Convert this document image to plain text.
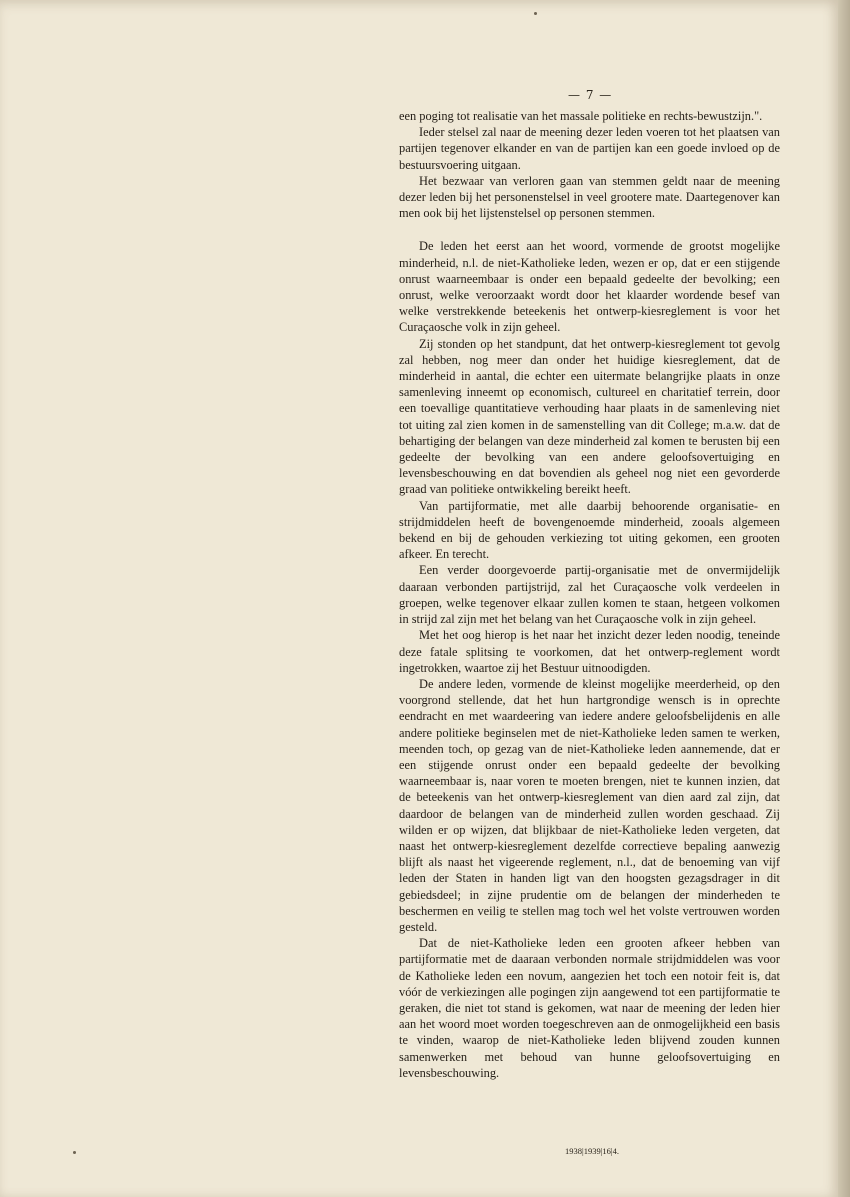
— 7 —

een poging tot realisatie van het massale politieke en rechts-bewustzijn.".

Ieder stelsel zal naar de meening dezer leden voeren tot het plaatsen van partijen tegenover elkander en van de partijen kan een goede invloed op de bestuursvoering uitgaan.

Het bezwaar van verloren gaan van stemmen geldt naar de meening dezer leden bij het personenstelsel in veel grootere mate. Daartegenover kan men ook bij het lijstenstelsel op personen stemmen.

De leden het eerst aan het woord, vormende de grootst mogelijke minderheid, n.l. de niet-Katholieke leden, wezen er op, dat er een stijgende onrust waarneembaar is onder een bepaald gedeelte der bevolking; een onrust, welke veroorzaakt wordt door het klaarder wordende besef van welke verstrekkende beteekenis het ontwerp-kiesreglement is voor het Curaçaosche volk in zijn geheel.

Zij stonden op het standpunt, dat het ontwerp-kiesreglement tot gevolg zal hebben, nog meer dan onder het huidige kiesreglement, dat de minderheid in aantal, die echter een uitermate belangrijke plaats in onze samenleving inneemt op economisch, cultureel en charitatief terrein, door een toevallige quantitatieve verhouding haar plaats in de samenleving niet tot uiting zal zien komen in de samenstelling van dit College; m.a.w. dat de behartiging der belangen van deze minderheid zal komen te berusten bij een gedeelte der bevolking van een andere geloofsovertuiging en levensbeschouwing en dat bovendien als geheel nog niet een gevorderde graad van politieke ontwikkeling bereikt heeft.

Van partijformatie, met alle daarbij behoorende organisatie- en strijdmiddelen heeft de bovengenoemde minderheid, zooals algemeen bekend en bij de gehouden verkiezing tot uiting gekomen, een grooten afkeer. En terecht.

Een verder doorgevoerde partij-organisatie met de onvermijdelijk daaraan verbonden partijstrijd, zal het Curaçaosche volk verdeelen in groepen, welke tegenover elkaar zullen komen te staan, hetgeen volkomen in strijd zal zijn met het belang van het Curaçaosche volk in zijn geheel.

Met het oog hierop is het naar het inzicht dezer leden noodig, teneinde deze fatale splitsing te voorkomen, dat het ontwerp-reglement wordt ingetrokken, waartoe zij het Bestuur uitnoodigden.

De andere leden, vormende de kleinst mogelijke meerderheid, op den voorgrond stellende, dat het hun hartgrondige wensch is in oprechte eendracht en met waardeering van iedere andere geloofsbelijdenis en alle andere politieke beginselen met de niet-Katholieke leden samen te werken, meenden toch, op gezag van de niet-Katholieke leden aannemende, dat er een stijgende onrust onder een bepaald gedeelte der bevolking waarneembaar is, naar voren te moeten brengen, niet te kunnen inzien, dat de beteekenis van het ontwerp-kiesreglement van dien aard zal zijn, dat daardoor de belangen van de minderheid zullen worden geschaad. Zij wilden er op wijzen, dat blijkbaar de niet-Katholieke leden vergeten, dat naast het ontwerp-kiesreglement dezelfde correctieve bepaling aanwezig blijft als naast het vigeerende reglement, n.l., dat de benoeming van vijf leden der Staten in handen ligt van den hoogsten gezagsdrager in dit gebiedsdeel; in zijne prudentie om de belangen der minderheden te beschermen en veilig te stellen mag toch wel het volste vertrouwen worden gesteld.

Dat de niet-Katholieke leden een grooten afkeer hebben van partijformatie met de daaraan verbonden normale strijdmiddelen was voor de Katholieke leden een novum, aangezien het toch een notoir feit is, dat vóór de verkiezingen alle pogingen zijn aangewend tot een partijformatie te geraken, die niet tot stand is gekomen, wat naar de meening der leden hier aan het woord moet worden toegeschreven aan de onmogelijkheid een basis te vinden, waarop de niet-Katholieke leden blijvend zouden kunnen samenwerken met behoud van hunne geloofsovertuiging en levensbeschouwing.

1938|1939|16|4.
